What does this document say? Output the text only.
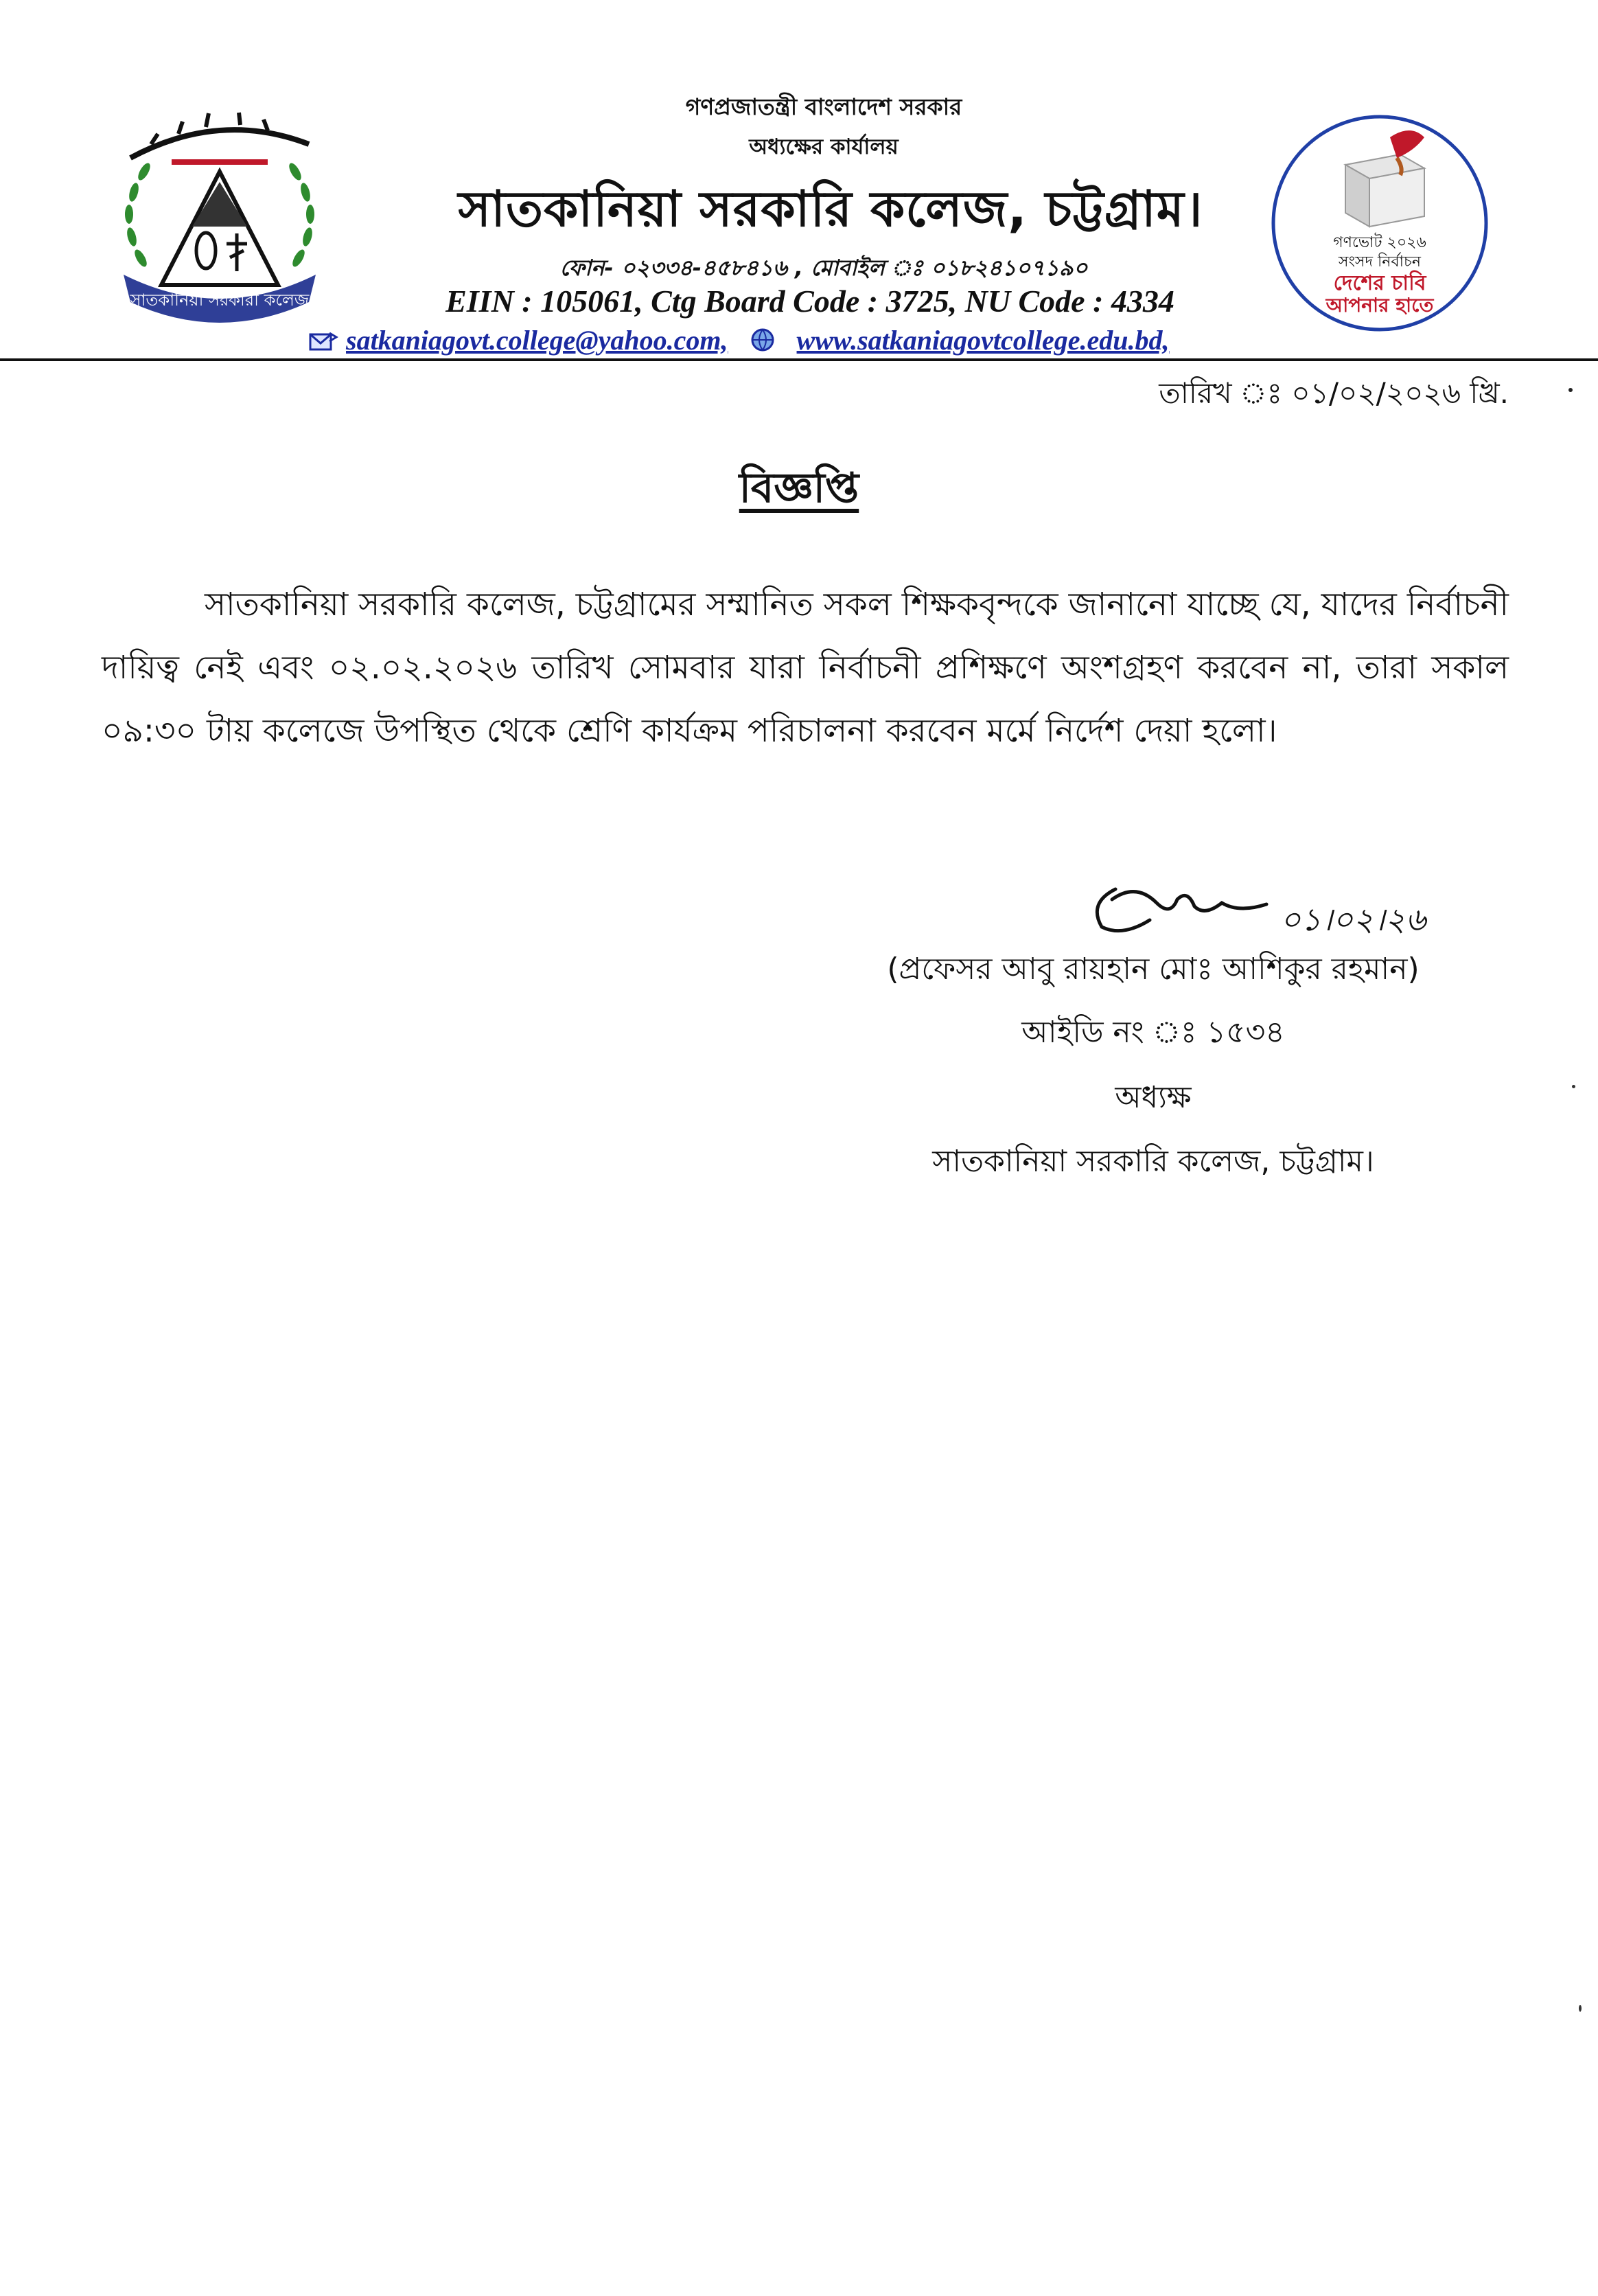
সাতকানিয়া সরকারী কলেজ
গণপ্রজাতন্ত্রী বাংলাদেশ সরকার
অধ্যক্ষের কার্যালয়
সাতকানিয়া সরকারি কলেজ, চট্টগ্রাম।
ফোন- ০২৩৩৪-৪৫৮৪১৬ , মোবাইল ঃ ০১৮২৪১০৭১৯০
EIIN : 105061, Ctg Board Code : 3725, NU Code : 4334
satkaniagovt.college@yahoo.com,	www.satkaniagovtcollege.edu.bd,
গণভোট ২০২৬
সংসদ নির্বাচন
দেশের চাবি
আপনার হাতে
তারিখ ঃ ০১/০২/২০২৬ খ্রি.
বিজ্ঞপ্তি
সাতকানিয়া সরকারি কলেজ, চট্টগ্রামের সম্মানিত সকল শিক্ষকবৃন্দকে জানানো যাচ্ছে যে, যাদের নির্বাচনী দায়িত্ব নেই এবং ০২.০২.২০২৬ তারিখ সোমবার যারা নির্বাচনী প্রশিক্ষণে অংশগ্রহণ করবেন না, তারা সকাল ০৯:৩০ টায় কলেজে উপস্থিত থেকে শ্রেণি কার্যক্রম পরিচালনা করবেন মর্মে নির্দেশ দেয়া হলো।
০১।০২।২৬
(প্রফেসর আবু রায়হান মোঃ আশিকুর রহমান)
আইডি নং ঃ ১৫৩৪
অধ্যক্ষ
সাতকানিয়া সরকারি কলেজ, চট্টগ্রাম।
